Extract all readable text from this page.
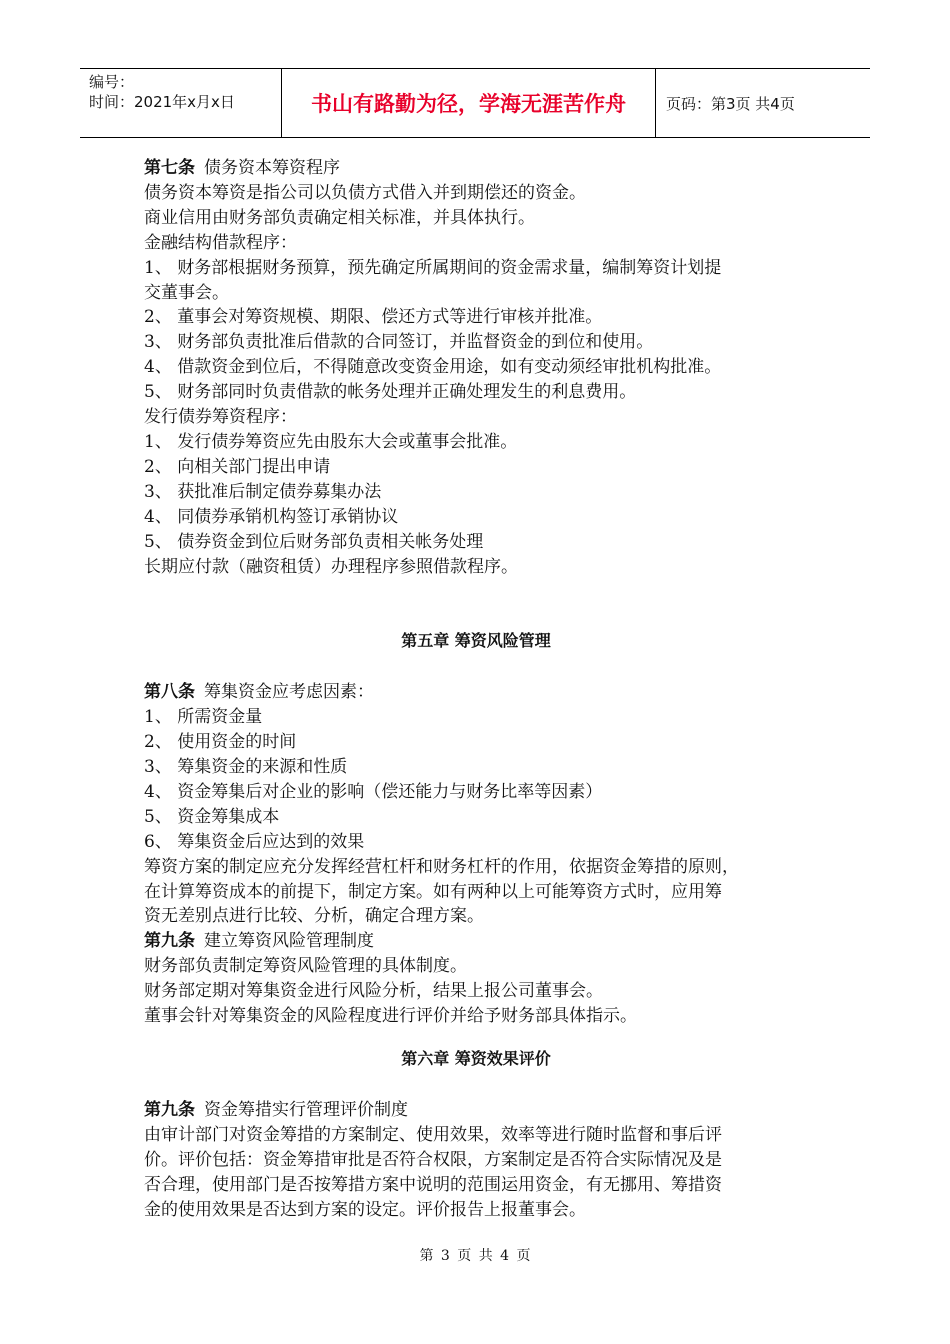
编号：
时间：2021年x月x日	书山有路勤为径，学海无涯苦作舟	页码：第3页 共4页
第七条 债务资本筹资程序
债务资本筹资是指公司以负债方式借入并到期偿还的资金。
商业信用由财务部负责确定相关标准，并具体执行。
金融结构借款程序：
1、 财务部根据财务预算，预先确定所属期间的资金需求量，编制筹资计划提
交董事会。
2、 董事会对筹资规模、期限、偿还方式等进行审核并批准。
3、 财务部负责批准后借款的合同签订，并监督资金的到位和使用。
4、 借款资金到位后，不得随意改变资金用途，如有变动须经审批机构批准。
5、 财务部同时负责借款的帐务处理并正确处理发生的利息费用。
发行债券筹资程序：
1、 发行债券筹资应先由股东大会或董事会批准。
2、 向相关部门提出申请
3、 获批准后制定债券募集办法
4、 同债券承销机构签订承销协议
5、 债券资金到位后财务部负责相关帐务处理
长期应付款（融资租赁）办理程序参照借款程序。
第五章 筹资风险管理
第八条 筹集资金应考虑因素：
1、 所需资金量
2、 使用资金的时间
3、 筹集资金的来源和性质
4、 资金筹集后对企业的影响（偿还能力与财务比率等因素）
5、 资金筹集成本
6、 筹集资金后应达到的效果
筹资方案的制定应充分发挥经营杠杆和财务杠杆的作用，依据资金筹措的原则，
在计算筹资成本的前提下，制定方案。如有两种以上可能筹资方式时，应用筹
资无差别点进行比较、分析，确定合理方案。
第九条 建立筹资风险管理制度
财务部负责制定筹资风险管理的具体制度。
财务部定期对筹集资金进行风险分析，结果上报公司董事会。
董事会针对筹集资金的风险程度进行评价并给予财务部具体指示。
第六章 筹资效果评价
第九条 资金筹措实行管理评价制度
由审计部门对资金筹措的方案制定、使用效果，效率等进行随时监督和事后评
价。评价包括：资金筹措审批是否符合权限，方案制定是否符合实际情况及是
否合理，使用部门是否按筹措方案中说明的范围运用资金，有无挪用、筹措资
金的使用效果是否达到方案的设定。评价报告上报董事会。
第 3 页 共 4 页
